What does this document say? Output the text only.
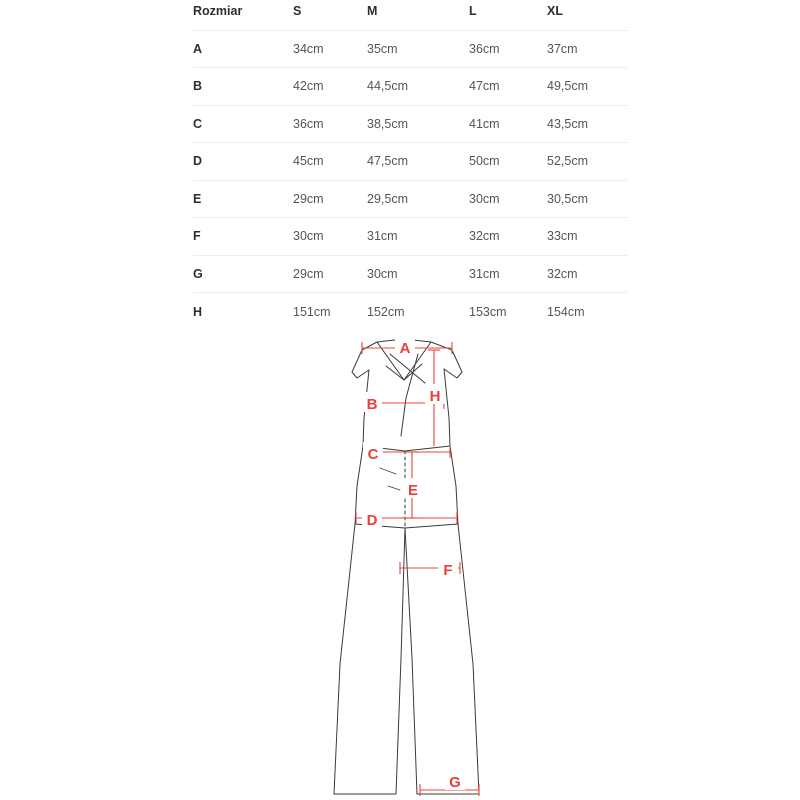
Rozmiar	S	M	L	XL
A	34cm	35cm	36cm	37cm
B	42cm	44,5cm	47cm	49,5cm
C	36cm	38,5cm	41cm	43,5cm
D	45cm	47,5cm	50cm	52,5cm
E	29cm	29,5cm	30cm	30,5cm
F	30cm	31cm	32cm	33cm
G	29cm	30cm	31cm	32cm
H	151cm	152cm	153cm	154cm
A
B
C
D
E
F
G
H
